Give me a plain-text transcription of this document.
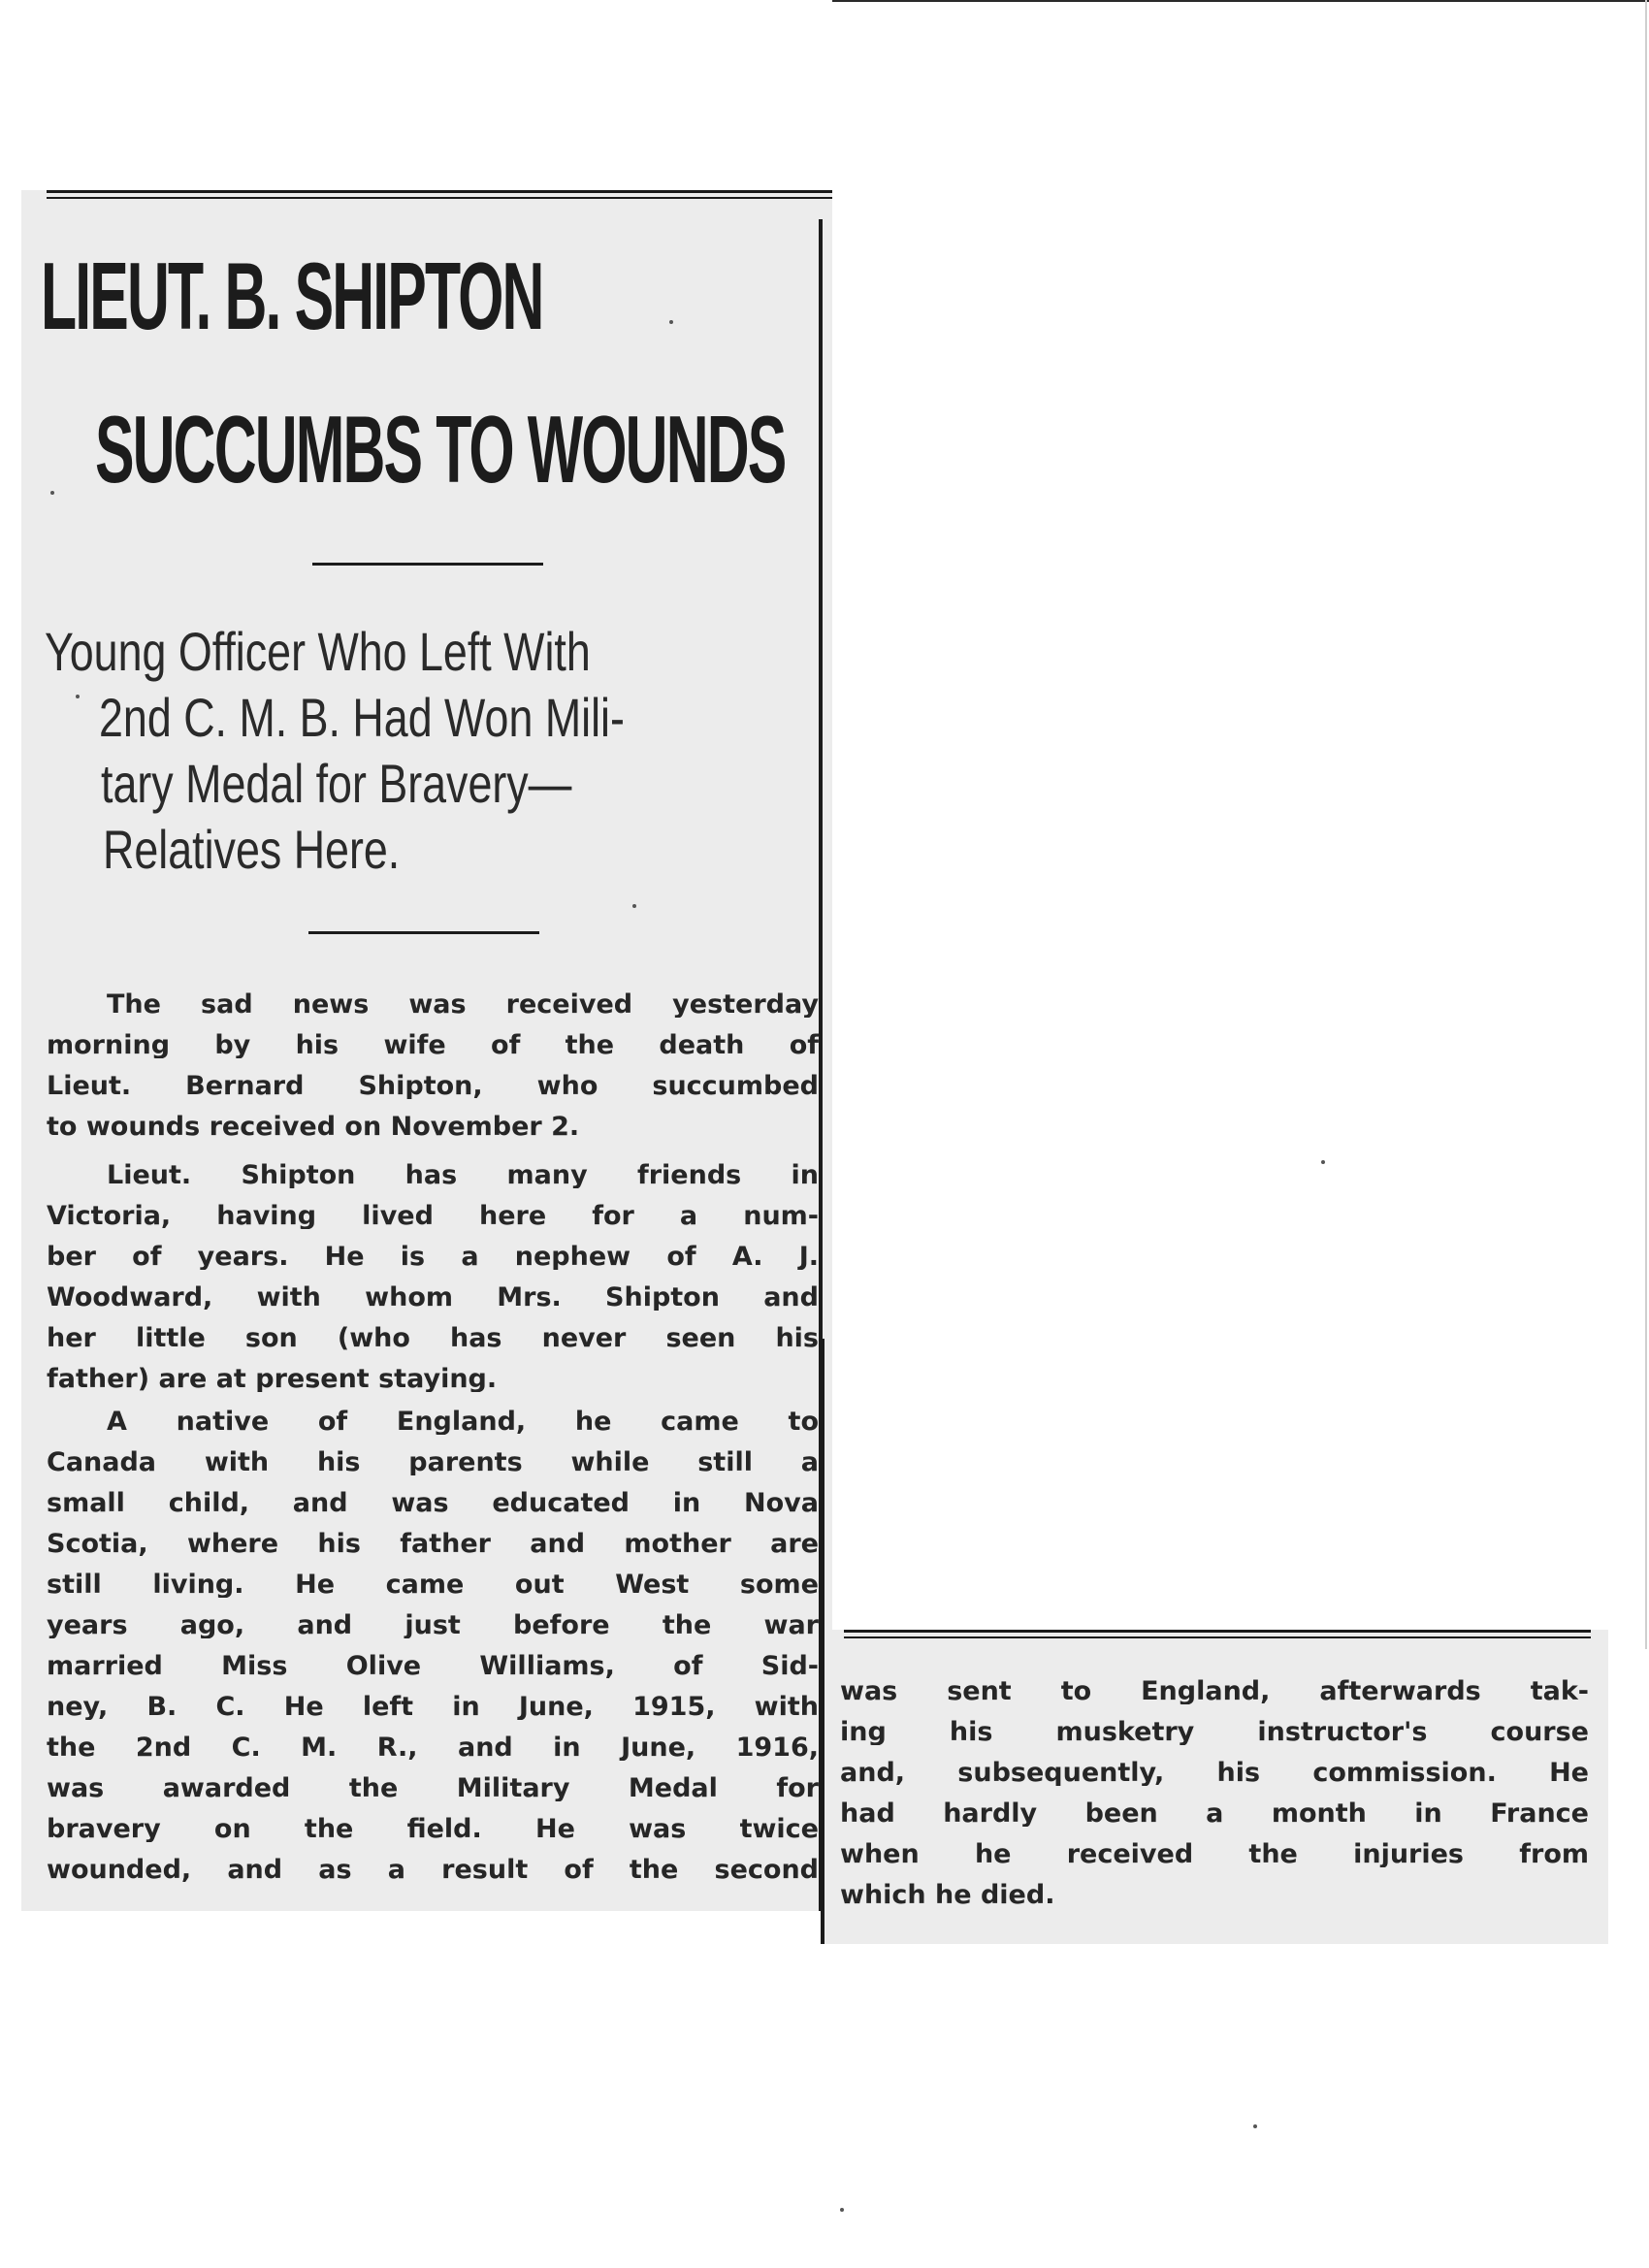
LIEUT. B. SHIPTON
SUCCUMBS TO WOUNDS
Young Officer Who Left With
2nd C. M. B. Had Won Mili-
tary Medal for Bravery—
Relatives Here.
The sad news was received yesterday
morning by his wife of the death of
Lieut. Bernard Shipton, who succumbed
to wounds received on November 2.
Lieut. Shipton has many friends in
Victoria, having lived here for a num-
ber of years. He is a nephew of A. J.
Woodward, with whom Mrs. Shipton and
her little son (who has never seen his
father) are at present staying.
A native of England, he came to
Canada with his parents while still a
small child, and was educated in Nova
Scotia, where his father and mother are
still living. He came out West some
years ago, and just before the war
married Miss Olive Williams, of Sid-
ney, B. C. He left in June, 1915, with
the 2nd C. M. R., and in June, 1916,
was awarded the Military Medal for
bravery on the field. He was twice
wounded, and as a result of the second
was sent to England, afterwards tak-
ing his musketry instructor's course
and, subsequently, his commission. He
had hardly been a month in France
when he received the injuries from
which he died.
